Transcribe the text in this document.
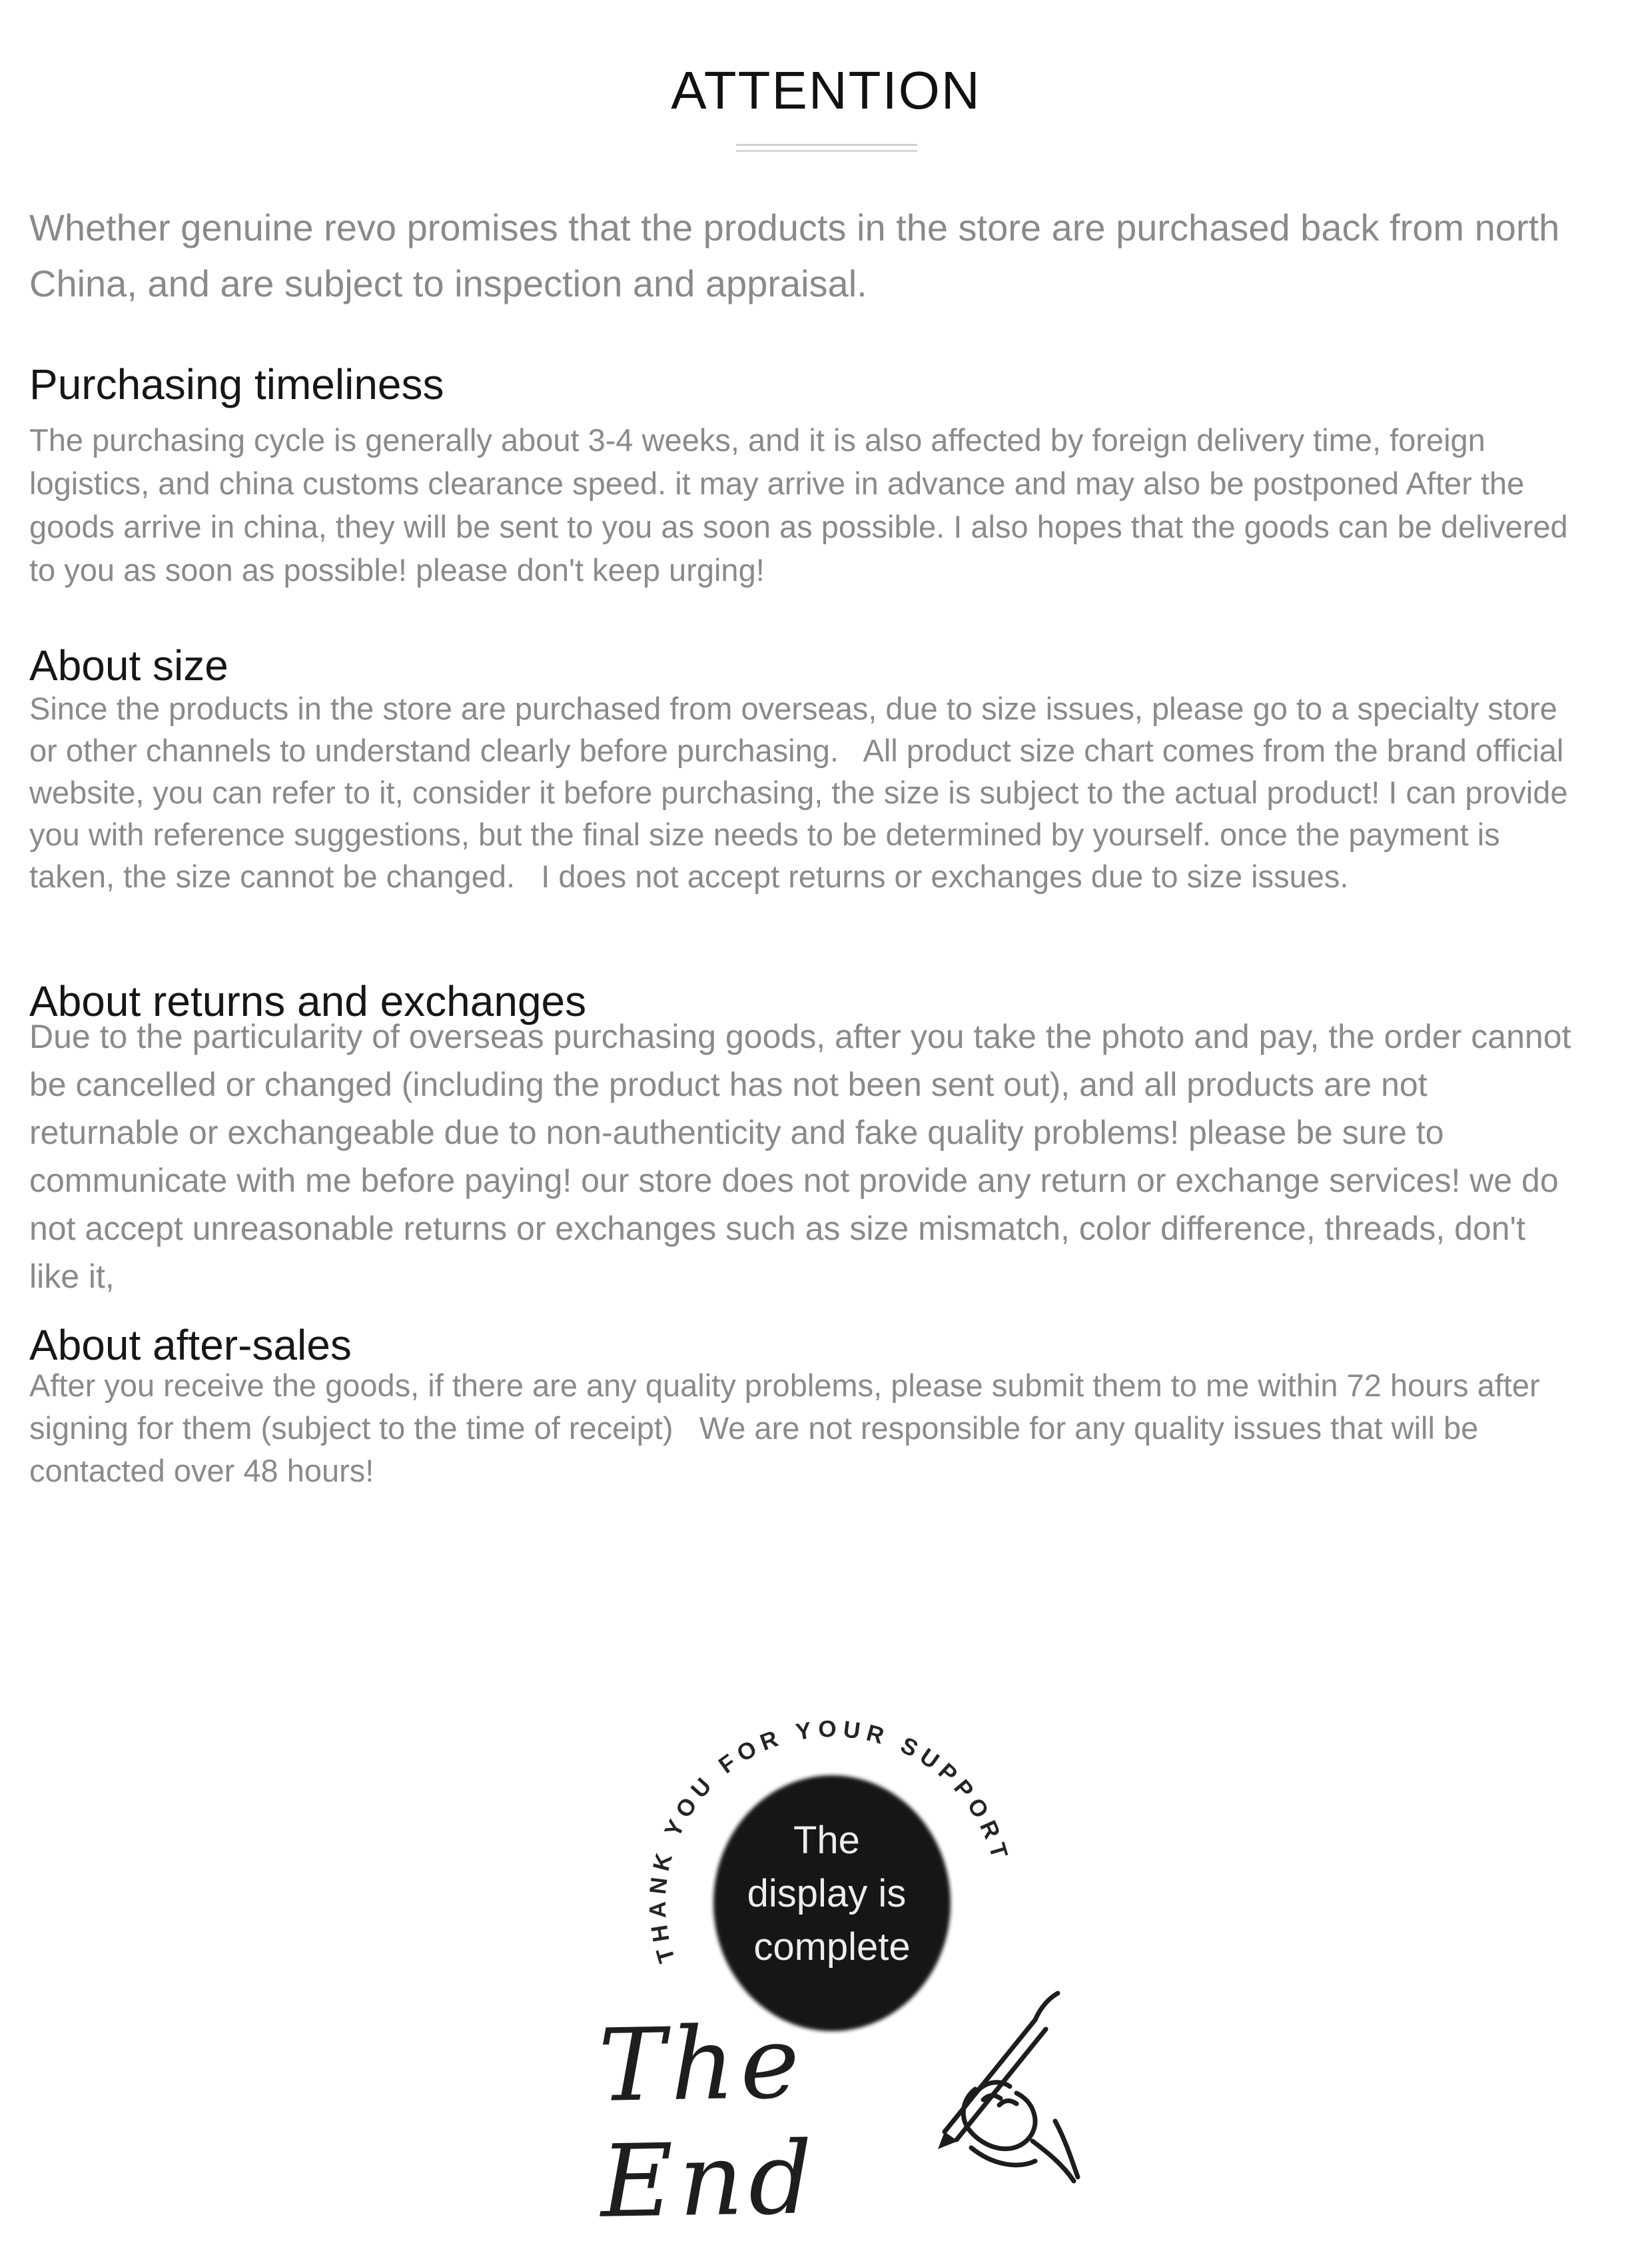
ATTENTION

Whether genuine revo promises that the products in the store are purchased back from north China, and are subject to inspection and appraisal.

Purchasing timeliness

The purchasing cycle is generally about 3-4 weeks, and it is also affected by foreign delivery time, foreign logistics, and china customs clearance speed. it may arrive in advance and may also be postponed After the goods arrive in china, they will be sent to you as soon as possible. I also hopes that the goods can be delivered to you as soon as possible! please don't keep urging!

About size

Since the products in the store are purchased from overseas, due to size issues, please go to a specialty store or other channels to understand clearly before purchasing.   All product size chart comes from the brand official website, you can refer to it, consider it before purchasing, the size is subject to the actual product! I can provide you with reference suggestions, but the final size needs to be determined by yourself. once the payment is taken, the size cannot be changed.   I does not accept returns or exchanges due to size issues.

About returns and exchanges

Due to the particularity of overseas purchasing goods, after you take the photo and pay, the order cannot be cancelled or changed (including the product has not been sent out), and all products are not returnable or exchangeable due to non-authenticity and fake quality problems! please be sure to communicate with me before paying! our store does not provide any return or exchange services! we do not accept unreasonable returns or exchanges such as size mismatch, color difference, threads, don't like it,

About after-sales

After you receive the goods, if there are any quality problems, please submit them to me within 72 hours after signing for them (subject to the time of receipt)   We are not responsible for any quality issues that will be contacted over 48 hours!

THANK YOU FOR YOUR SUPPORT
The display is complete

The End
